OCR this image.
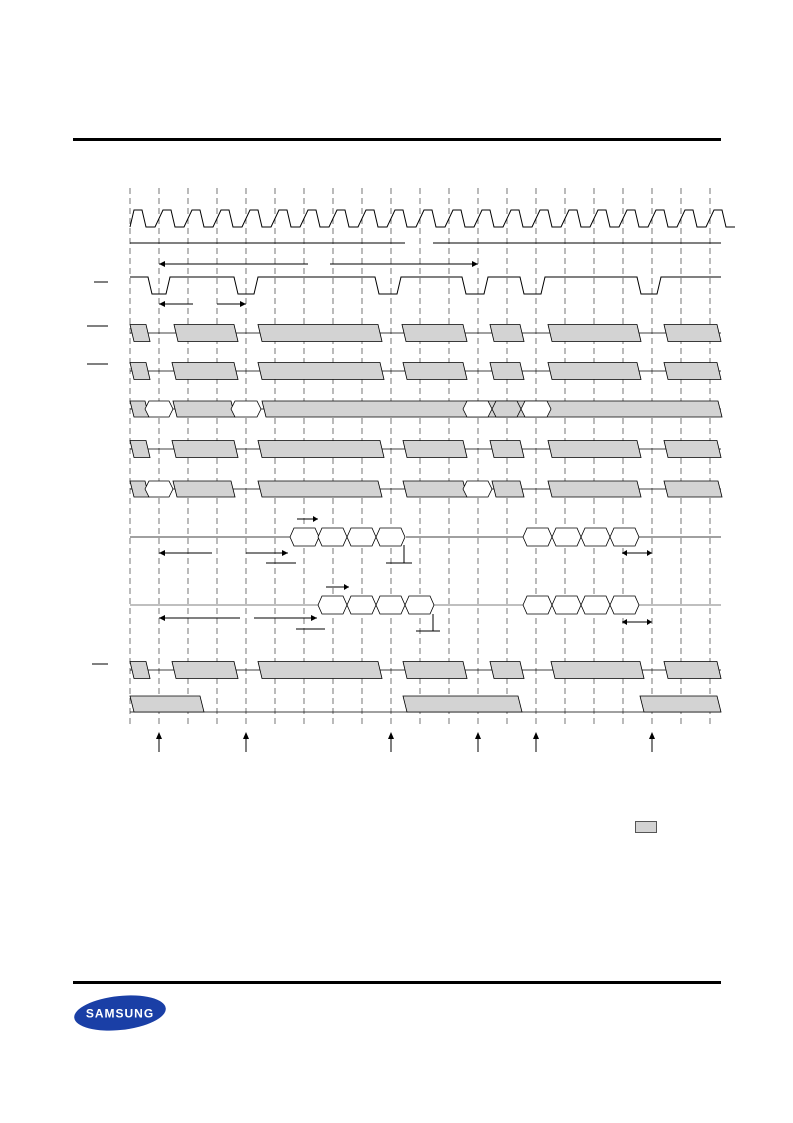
SAMSUNG
